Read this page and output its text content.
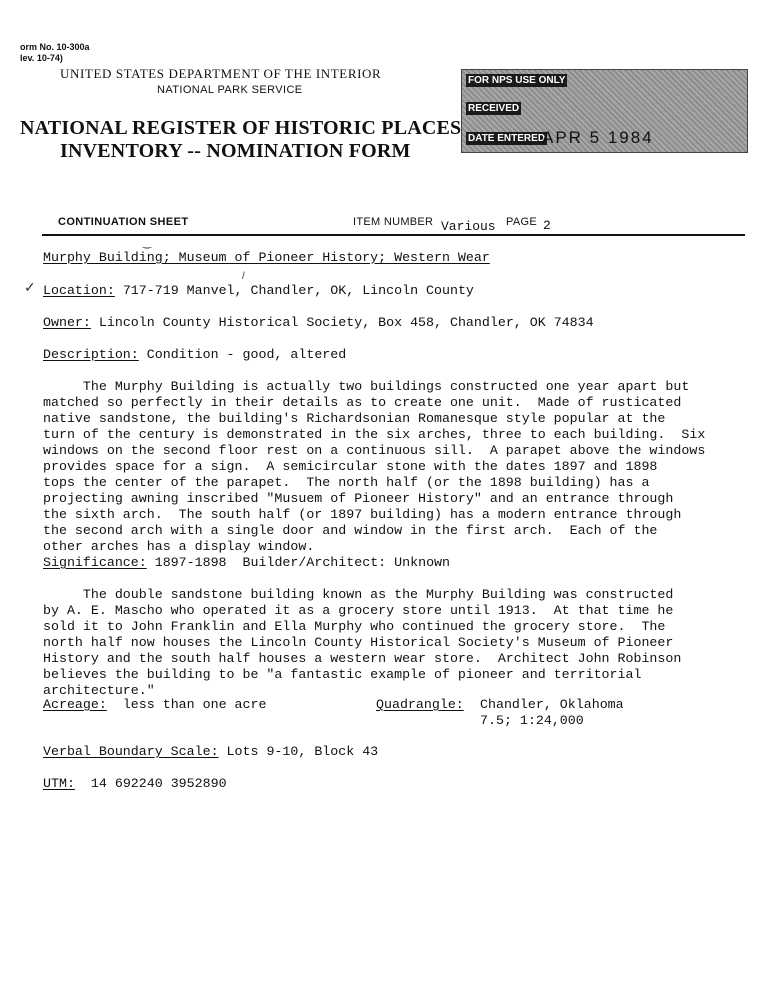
orm No. 10-300a
lev. 10-74)
UNITED STATES DEPARTMENT OF THE INTERIOR
NATIONAL PARK SERVICE
NATIONAL REGISTER OF HISTORIC PLACES
INVENTORY -- NOMINATION FORM
FOR NPS USE ONLY
RECEIVED
DATE ENTERED
APR 5 1984
CONTINUATION SHEET	ITEM NUMBER Various PAGE 2
‿
/
✓
Murphy Building; Museum of Pioneer History; Western Wear
Location: 717-719 Manvel, Chandler, OK, Lincoln County
Owner: Lincoln County Historical Society, Box 458, Chandler, OK 74834
Description: Condition - good, altered

The Murphy Building is actually two buildings constructed one year apart but
matched so perfectly in their details as to create one unit.  Made of rusticated
native sandstone, the building's Richardsonian Romanesque style popular at the
turn of the century is demonstrated in the six arches, three to each building.  Six
windows on the second floor rest on a continuous sill.  A parapet above the windows
provides space for a sign.  A semicircular stone with the dates 1897 and 1898
tops the center of the parapet.  The north half (or the 1898 building) has a
projecting awning inscribed "Musuem of Pioneer History" and an entrance through
the sixth arch.  The south half (or 1897 building) has a modern entrance through
the second arch with a single door and window in the first arch.  Each of the
other arches has a display window.

Significance: 1897-1898 Builder/Architect: Unknown

The double sandstone building known as the Murphy Building was constructed
by A. E. Mascho who operated it as a grocery store until 1913.  At that time he
sold it to John Franklin and Ella Murphy who continued the grocery store.  The
north half now houses the Lincoln County Historical Society's Museum of Pioneer
History and the south half houses a western wear store.  Architect John Robinson
believes the building to be "a fantastic example of pioneer and territorial
architecture."

Acreage: less than one acre	Quadrangle: Chandler, Oklahoma
7.5; 1:24,000
Verbal Boundary Scale: Lots 9-10, Block 43
UTM: 14 692240 3952890
